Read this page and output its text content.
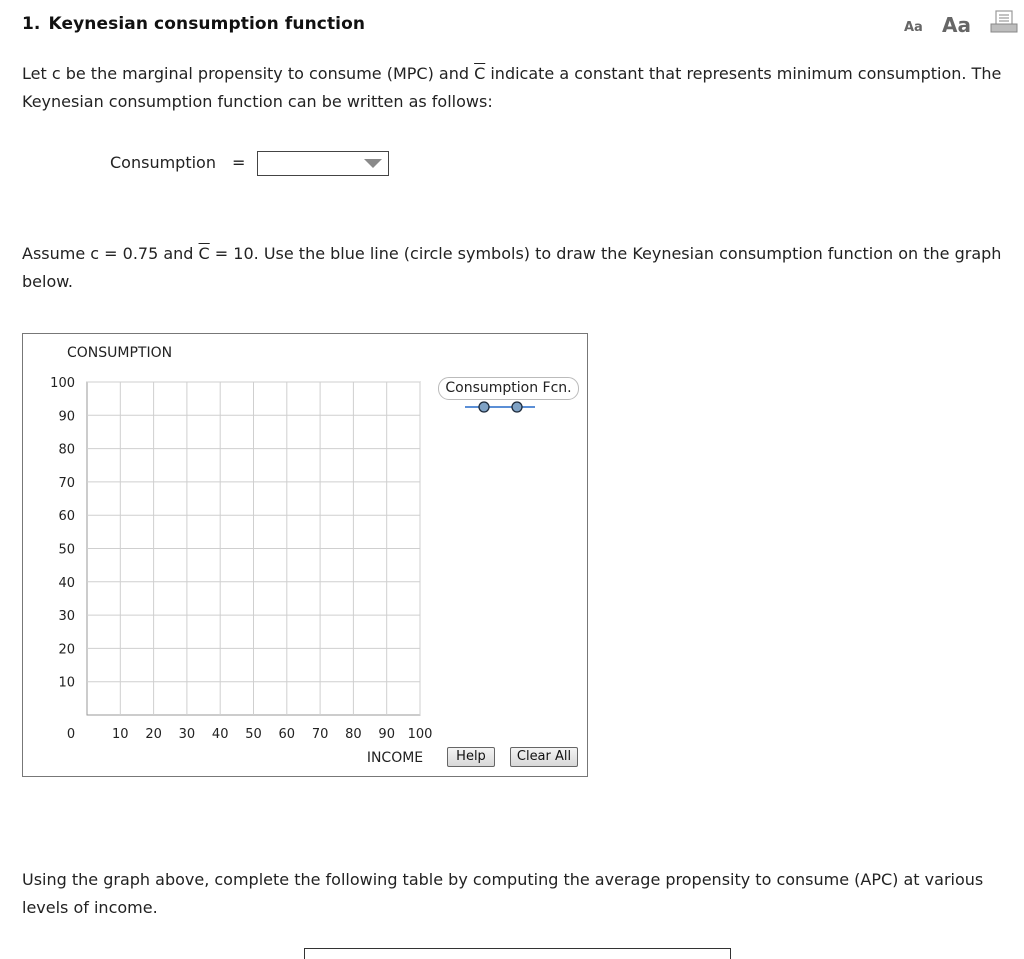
1. Keynesian consumption function	Aa Aa
Let c be the marginal propensity to consume (MPC) and $\overline{C}$ indicate a constant that represents minimum consumption. The Keynesian consumption function can be written as follows:
Consumption =
Assume c = 0.75 and $\overline{C} = 10$. Use the blue line (circle symbols) to draw the Keynesian consumption function on the graph below.
CONSUMPTION
100
90
80
70
60
50
40
30
20
10
10 20 30 40 50 60 70 80 90 100
0
INCOME
Consumption Fcn.
Help	Clear All
Using the graph above, complete the following table by computing the average propensity to consume (APC) at various levels of income.
